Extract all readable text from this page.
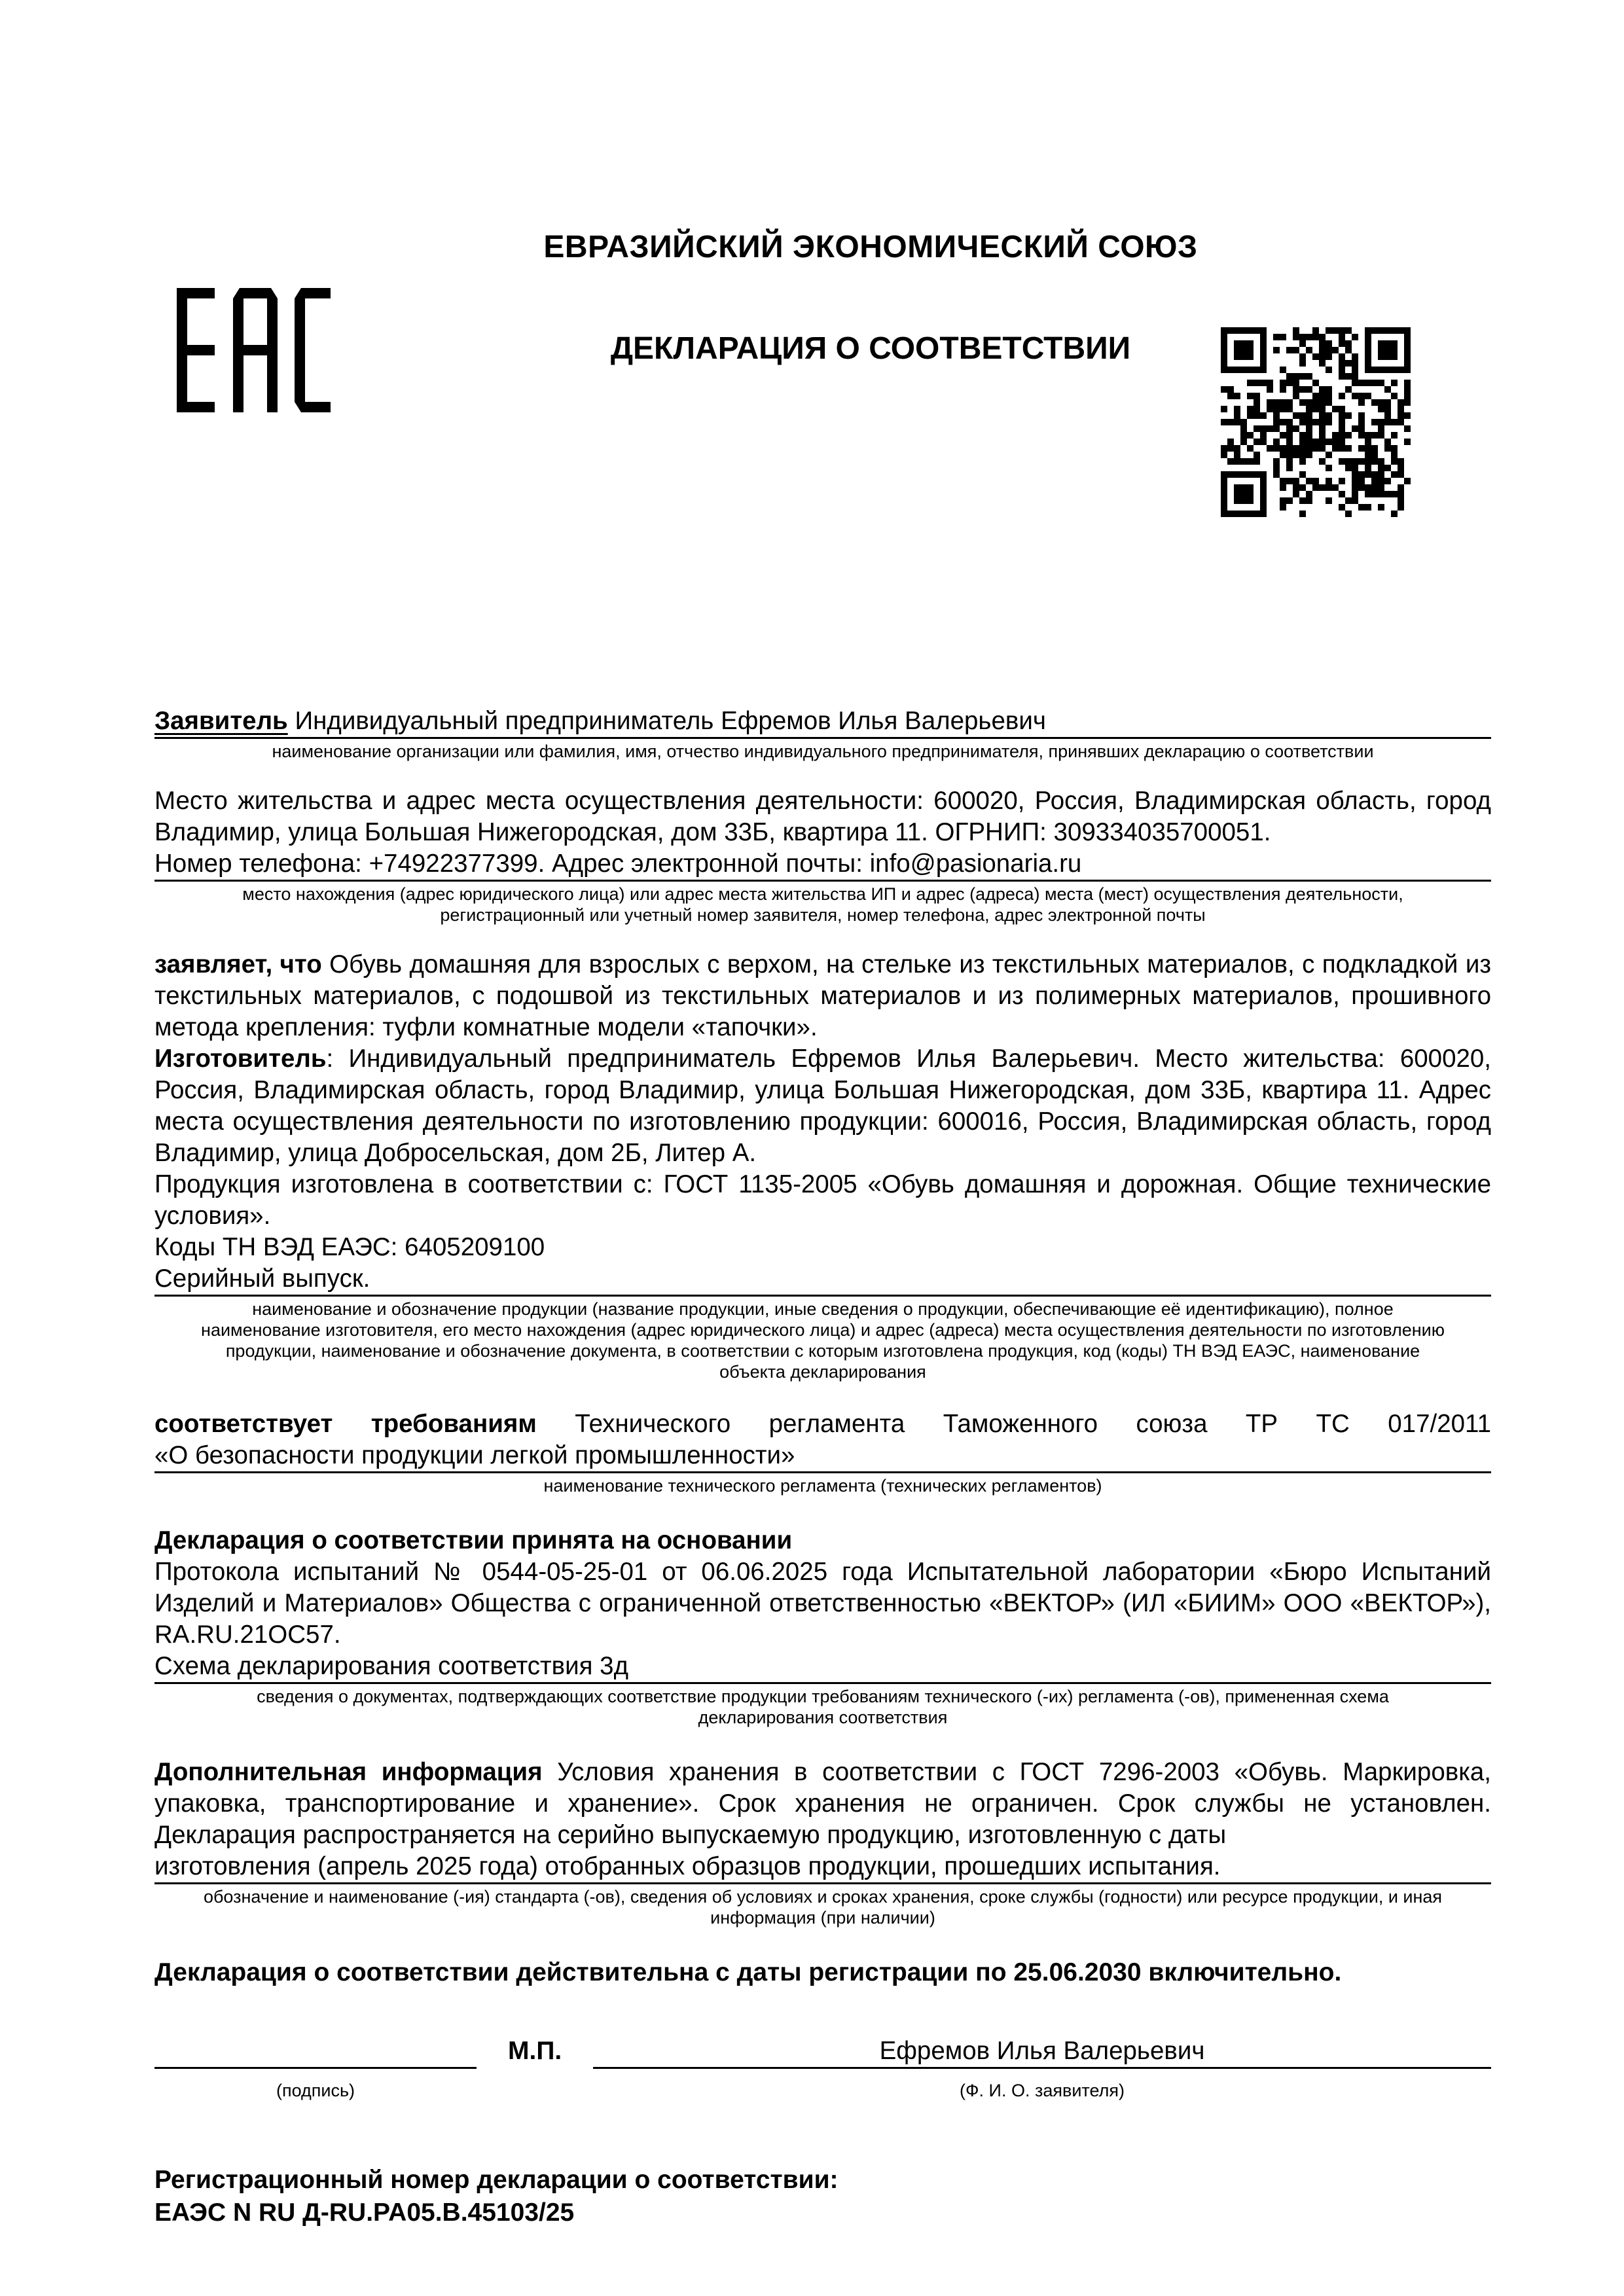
ЕВРАЗИЙСКИЙ ЭКОНОМИЧЕСКИЙ СОЮЗ
ДЕКЛАРАЦИЯ О СООТВЕТСТВИИ
Заявитель Индивидуальный предприниматель Ефремов Илья Валерьевич
наименование организации или фамилия, имя, отчество индивидуального предпринимателя, принявших декларацию о соответствии
Место жительства и адрес места осуществления деятельности: 600020, Россия, Владимирская область, город Владимир, улица Большая Нижегородская, дом 33Б, квартира 11. ОГРНИП: 309334035700051.
Номер телефона: +74922377399. Адрес электронной почты: info@pasionaria.ru
место нахождения (адрес юридического лица) или адрес места жительства ИП и адрес (адреса) места (мест) осуществления деятельности,
регистрационный или учетный номер заявителя, номер телефона, адрес электронной почты
заявляет, что Обувь домашняя для взрослых с верхом, на стельке из текстильных материалов, с подкладкой из текстильных материалов, с подошвой из текстильных материалов и из полимерных материалов, прошивного метода крепления: туфли комнатные модели «тапочки».
Изготовитель: Индивидуальный предприниматель Ефремов Илья Валерьевич. Место жительства: 600020, Россия, Владимирская область, город Владимир, улица Большая Нижегородская, дом 33Б, квартира 11. Адрес места осуществления деятельности по изготовлению продукции: 600016, Россия, Владимирская область, город Владимир, улица Добросельская, дом 2Б, Литер А.
Продукция изготовлена в соответствии с: ГОСТ 1135-2005 «Обувь домашняя и дорожная. Общие технические условия».
Коды ТН ВЭД ЕАЭС: 6405209100
Серийный выпуск.
наименование и обозначение продукции (название продукции, иные сведения о продукции, обеспечивающие её идентификацию), полное
наименование изготовителя, его место нахождения (адрес юридического лица) и адрес (адреса) места осуществления деятельности по изготовлению
продукции, наименование и обозначение документа, в соответствии с которым изготовлена продукция, код (коды) ТН ВЭД ЕАЭС, наименование
объекта декларирования
соответствует требованиям Технического регламента Таможенного союза ТР ТС 017/2011
«О безопасности продукции легкой промышленности»
наименование технического регламента (технических регламентов)
Декларация о соответствии принята на основании
Протокола испытаний № 0544-05-25-01 от 06.06.2025 года Испытательной лаборатории «Бюро Испытаний Изделий и Материалов» Общества с ограниченной ответственностью «ВЕКТОР» (ИЛ «БИИМ» ООО «ВЕКТОР»), RA.RU.21ОС57.
Схема декларирования соответствия 3д
сведения о документах, подтверждающих соответствие продукции требованиям технического (-их) регламента (-ов), примененная схема
декларирования соответствия
Дополнительная информация Условия хранения в соответствии с ГОСТ 7296-2003 «Обувь. Маркировка, упаковка, транспортирование и хранение». Срок хранения не ограничен. Срок службы не установлен. Декларация распространяется на серийно выпускаемую продукцию, изготовленную с даты
изготовления (апрель 2025 года) отобранных образцов продукции, прошедших испытания.
обозначение и наименование (-ия) стандарта (-ов), сведения об условиях и сроках хранения, сроке службы (годности) или ресурсе продукции, и иная
информация (при наличии)
Декларация о соответствии действительна с даты регистрации по 25.06.2030 включительно.
М.П.	Ефремов Илья Валерьевич
(подпись)	(Ф. И. О. заявителя)
Регистрационный номер декларации о соответствии:
ЕАЭС N RU Д-RU.PA05.B.45103/25
